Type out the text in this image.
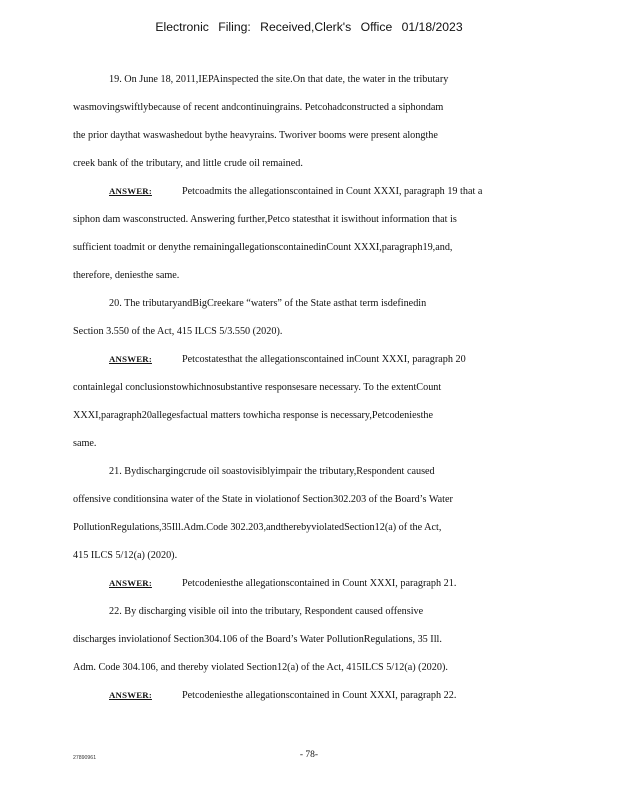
Electronic Filing: Received,Clerk's Office 01/18/2023
19. On June 18, 2011,IEPAinspected the site.On that date, the water in the tributary
wasmovingswiftlybecause of recent andcontinuingrains. Petcohadconstructed a siphondam
the prior daythat waswashedout bythe heavyrains. Tworiver booms were present alongthe
creek bank of the tributary, and little crude oil remained.
ANSWER:	Petcoadmits the allegationscontained in Count XXXI, paragraph 19 that a
siphon dam wasconstructed. Answering further,Petco statesthat it iswithout information that is
sufficient toadmit or denythe remainingallegationscontainedinCount XXXI,paragraph19,and,
therefore, deniesthe same.
20. The tributaryandBigCreekare “waters” of the State asthat term isdefinedin
Section 3.550 of the Act, 415 ILCS 5/3.550 (2020).
ANSWER:	Petcostatesthat the allegationscontained inCount XXXI, paragraph 20
containlegal conclusionstowhichnosubstantive responsesare necessary. To the extentCount
XXXI,paragraph20allegesfactual matters towhicha response is necessary,Petcodeniesthe
same.
21. Bydischargingcrude oil soastovisiblyimpair the tributary,Respondent caused
offensive conditionsina water of the State in violationof Section302.203 of the Board’s Water
PollutionRegulations,35Ill.Adm.Code 302.203,andtherebyviolatedSection12(a) of the Act,
415 ILCS 5/12(a) (2020).
ANSWER:	Petcodeniesthe allegationscontained in Count XXXI, paragraph 21.
22. By discharging visible oil into the tributary, Respondent caused offensive
discharges inviolationof Section304.106 of the Board’s Water PollutionRegulations, 35 Ill.
Adm. Code 304.106, and thereby violated Section12(a) of the Act, 415ILCS 5/12(a) (2020).
ANSWER:	Petcodeniesthe allegationscontained in Count XXXI, paragraph 22.
27890961	- 78-
